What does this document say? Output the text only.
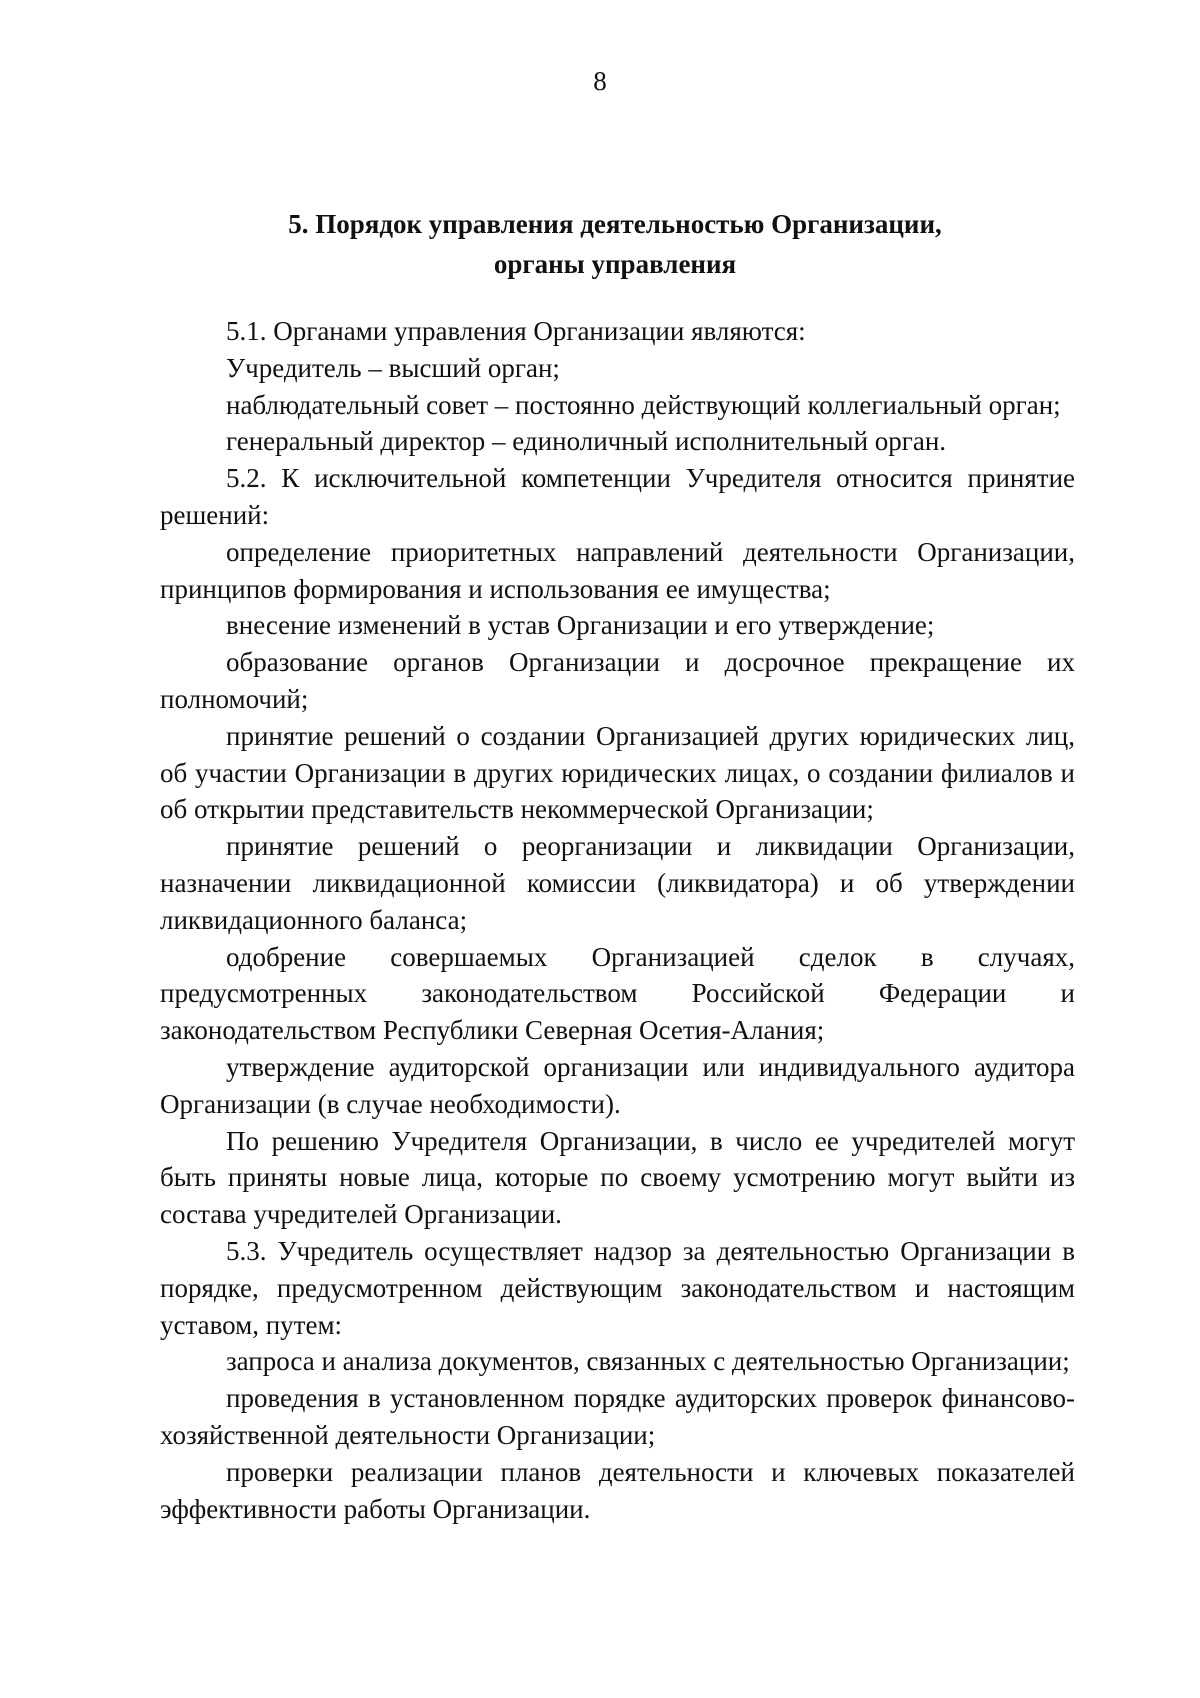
8
5. Порядок управления деятельностью Организации,
органы управления

5.1. Органами управления Организации являются:

Учредитель – высший орган;

наблюдательный совет – постоянно действующий коллегиальный орган;

генеральный директор – единоличный исполнительный орган.

5.2. К исключительной компетенции Учредителя относится принятие решений:

определение приоритетных направлений деятельности Организации, принципов формирования и использования ее имущества;

внесение изменений в устав Организации и его утверждение;

образование органов Организации и досрочное прекращение их полномочий;

принятие решений о создании Организацией других юридических лиц, об участии Организации в других юридических лицах, о создании филиалов и об открытии представительств некоммерческой Организации;

принятие решений о реорганизации и ликвидации Организации, назначении ликвидационной комиссии (ликвидатора) и об утверждении ликвидационного баланса;

одобрение совершаемых Организацией сделок в случаях, предусмотренных законодательством Российской Федерации и законодательством Республики Северная Осетия-Алания;

утверждение аудиторской организации или индивидуального аудитора Организации (в случае необходимости).

По решению Учредителя Организации, в число ее учредителей могут быть приняты новые лица, которые по своему усмотрению могут выйти из состава учредителей Организации.

5.3. Учредитель осуществляет надзор за деятельностью Организации в порядке, предусмотренном действующим законодательством и настоящим уставом, путем:

запроса и анализа документов, связанных с деятельностью Организации;

проведения в установленном порядке аудиторских проверок финансово-хозяйственной деятельности Организации;

проверки реализации планов деятельности и ключевых показателей эффективности работы Организации.
